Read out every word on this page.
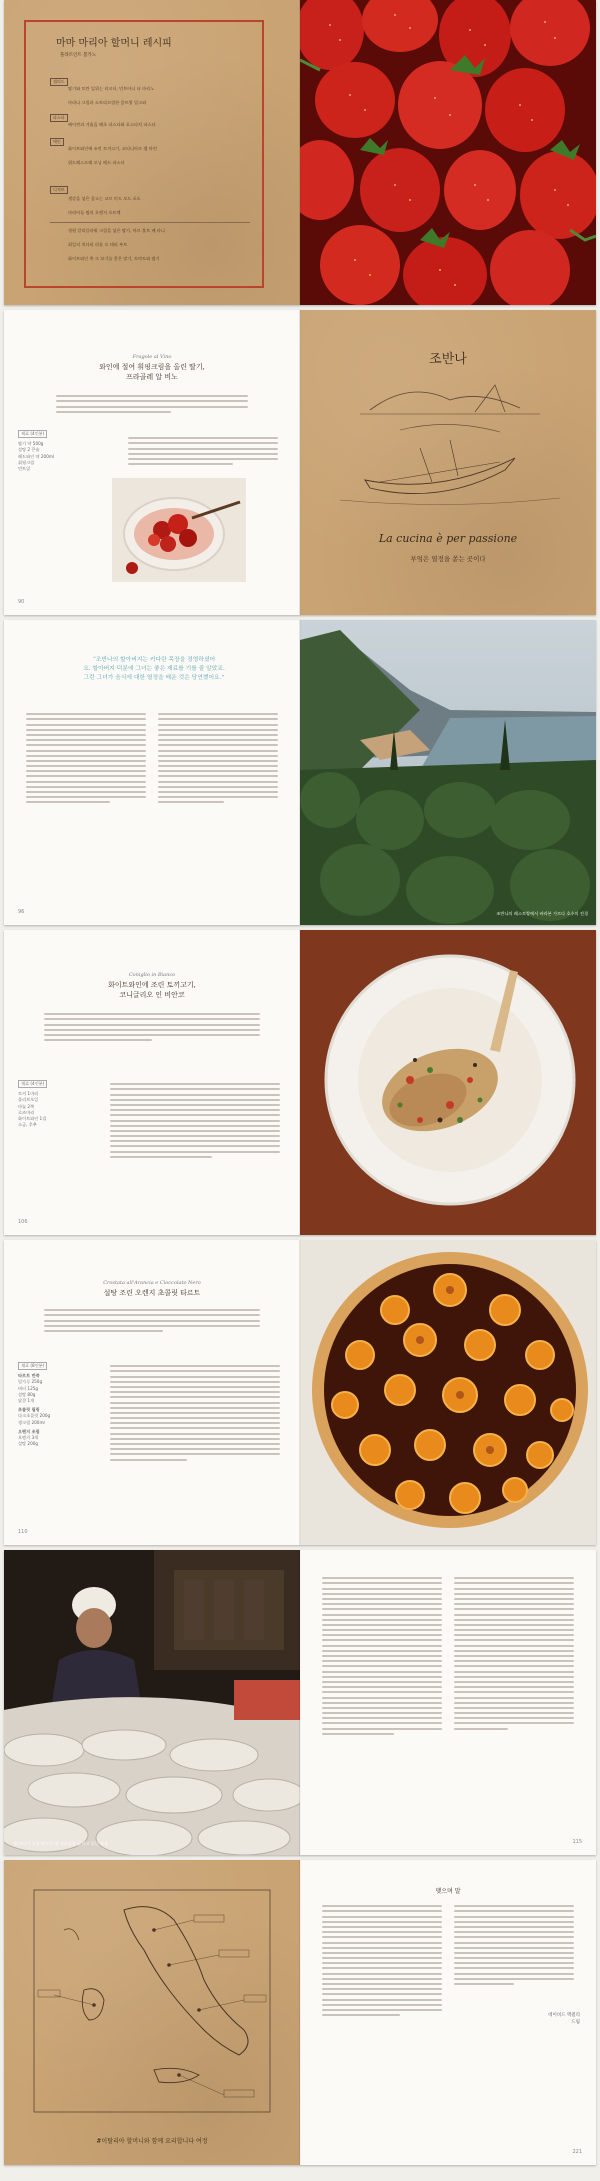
마마 마리아 할머니 레시피
플라트인트 봄카노
샐러드
딸기와 토란 잎위는 리코타, 민트아니 더 마리노
마리나 크림과 소트리르림한 콩트랑 밀크와
파스타
베이컨과 겨울을 해초 파스타와 포스타치 파스타
메인
화이트와인에 조린 토끼고기, 코티니아르 젤 마린
위드레스프레 모닝 베드 파스타
디저트
생강을 넣은 콩고는 코르 미드 모드 포도
마리아를 찜의 오렌지 오트렉
정원 칼리플라워 크림을 넣은 딸기, 아르 볼트 베 타니
최일의 치타리 리틀 오 테리 부트
화이트와인 쪽 크 꼬기를 좋은 맞기, 토마토와 딸기
Fragole al Vino
와인에 절여 휘핑크림을 올린 딸기,
프라골레 알 비노
재료 (4인분)
딸기 약 500g
설탕 2 큰술
레드와인 약 200ml
휘핑크림
민트잎
90
조반나
La cucina è per passione
부엌은 열정을 쏟는 곳이다
“조반나의 할아버지는 커다란 목장을 경영하셨어
요. 할아버지 덕분에 그녀는 좋은 재료를 기를 줄 알았죠.
그런 그녀가 음식에 대한 열정을 배운 것은 당연했어요.”
96	조반나의 레스토랑에서 바라본 가르다 호수의 전경
Coniglio in Bianco
화이트와인에 조린 토끼고기,
코니글리오 인 비안코
재료 (4인분)
토끼 1마리
올리브오일
마늘 2쪽
로즈마리
화이트와인 1컵
소금, 후추
106
Crostata all'Arancia e Cioccolato Nero
설탕 조린 오렌지 초콜릿 타르트
재료 (8인분)
타르트 반죽
밀가루 250g
버터 125g
설탕 80g
달걀 1개
초콜릿 필링
다크초콜릿 200g
생크림 200ml
오렌지 조림
오렌지 3개
설탕 200g
110
할머니가 직접 만드신 생 파스타를 말리고 있는 모습	115
#이탈리아 할머니와 함께 요리합니다 여정
맺으며 말
데이비드 맥퀼리
드림
221
